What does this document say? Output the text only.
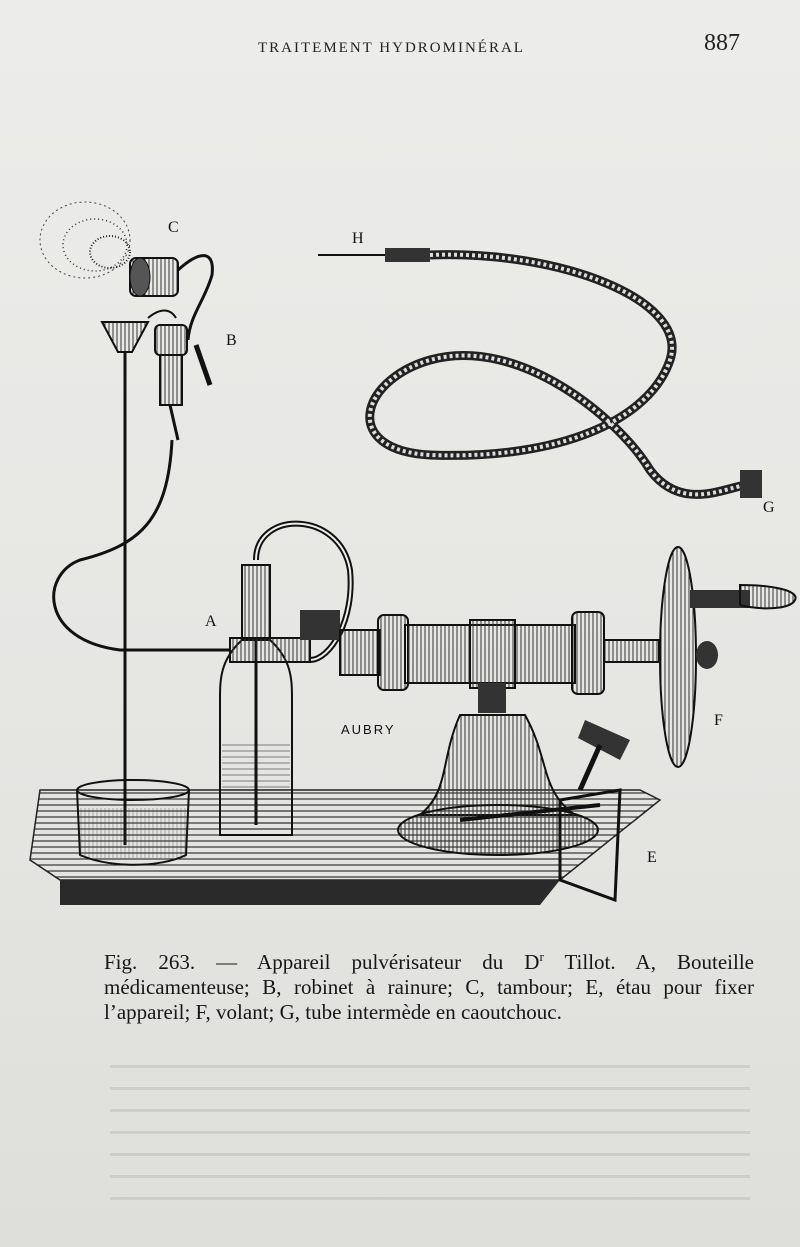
TRAITEMENT HYDROMINÉRAL	887
C
B
H
G
A
F
E
AUBRY
Fig. 263. — Appareil pulvérisateur du $D^r$ Tillot. A, Bouteille médicamenteuse; B, robinet à rainure; C, tambour; E, étau pour fixer l’appareil; F, volant; G, tube intermède en caoutchouc.
